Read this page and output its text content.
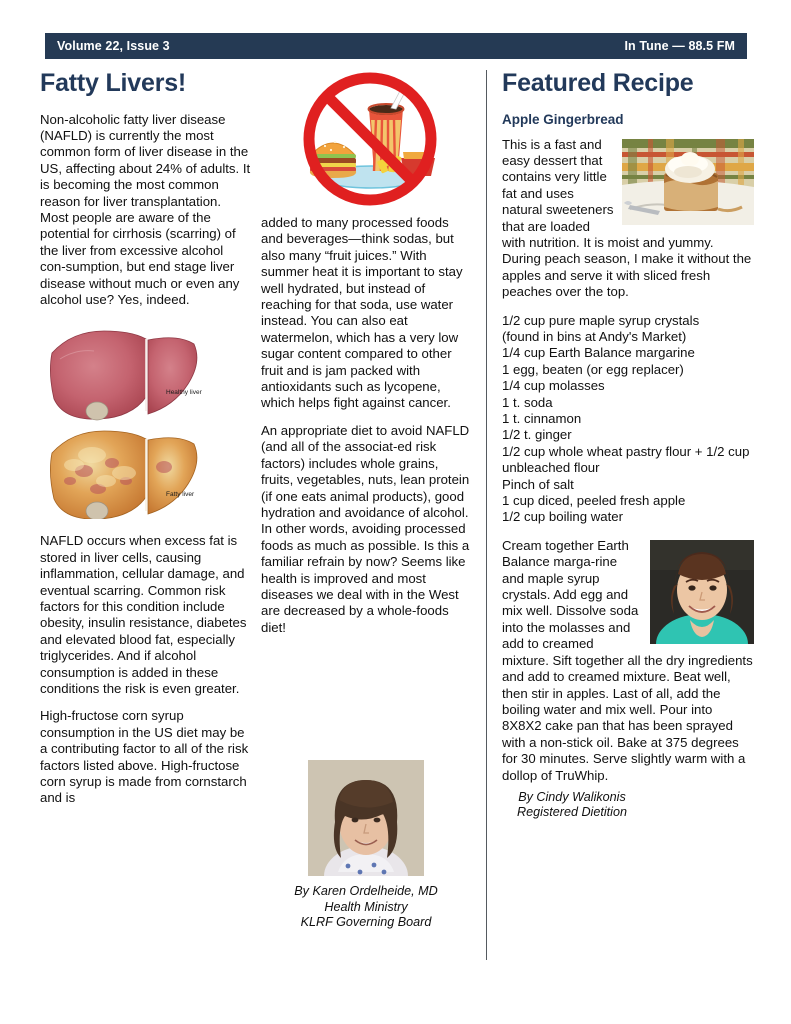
Volume 22, Issue 3	In Tune — 88.5 FM
Fatty Livers!

Non-alcoholic fatty liver disease (NAFLD) is currently the most common form of liver disease in the US, affecting about 24% of adults. It is becoming the most common reason for liver transplantation. Most people are aware of the potential for cirrhosis (scarring) of the liver from excessive alcohol con-sumption, but end stage liver disease without much or even any alcohol use? Yes, indeed.

Healthy liver
Fatty liver

NAFLD occurs when excess fat is stored in liver cells, causing inflammation, cellular damage, and eventual scarring. Common risk factors for this condition include obesity, insulin resistance, diabetes and elevated blood fat, especially triglycerides. And if alcohol consumption is added in these conditions the risk is even greater.

High-fructose corn syrup consumption in the US diet may be a contributing factor to all of the risk factors listed above. High-fructose corn syrup is made from cornstarch and is

added to many processed foods and beverages—think sodas, but also many “fruit juices.” With summer heat it is important to stay well hydrated, but instead of reaching for that soda, use water instead. You can also eat watermelon, which has a very low sugar content compared to other fruit and is jam packed with antioxidants such as lycopene, which helps fight against cancer.

An appropriate diet to avoid NAFLD (and all of the associat-ed risk factors) includes whole grains, fruits, vegetables, nuts, lean protein (if one eats animal products), good hydration and avoidance of alcohol. In other words, avoiding processed foods as much as possible. Is this a familiar refrain by now? Seems like health is improved and most diseases we deal with in the West are decreased by a whole-foods diet!

By Karen Ordelheide, MD
Health Ministry
KLRF Governing Board
Featured Recipe
Apple Gingerbread

This is a fast and easy dessert that contains very little fat and uses natural sweeteners that are loaded with nutrition. It is moist and yummy. During peach season, I make it without the apples and serve it with sliced fresh peaches over the top.

1/2 cup pure maple syrup crystals
(found in bins at Andy's Market)
1/4 cup Earth Balance margarine
1 egg, beaten (or egg replacer)
1/4 cup molasses
1 t. soda
1 t. cinnamon
1/2 t. ginger
1/2 cup whole wheat pastry flour + 1/2 cup unbleached flour
Pinch of salt
1 cup diced, peeled fresh apple
1/2 cup boiling water

Cream together Earth Balance marga-rine and maple syrup crystals. Add egg and mix well. Dissolve soda into the molasses and add to creamed mixture. Sift together all the dry ingredients and add to creamed mixture. Beat well, then stir in apples. Last of all, add the boiling water and mix well. Pour into 8X8X2 cake pan that has been sprayed with a non-stick oil. Bake at 375 degrees for 30 minutes. Serve slightly warm with a dollop of TruWhip.

By Cindy Walikonis
Registered Dietition
